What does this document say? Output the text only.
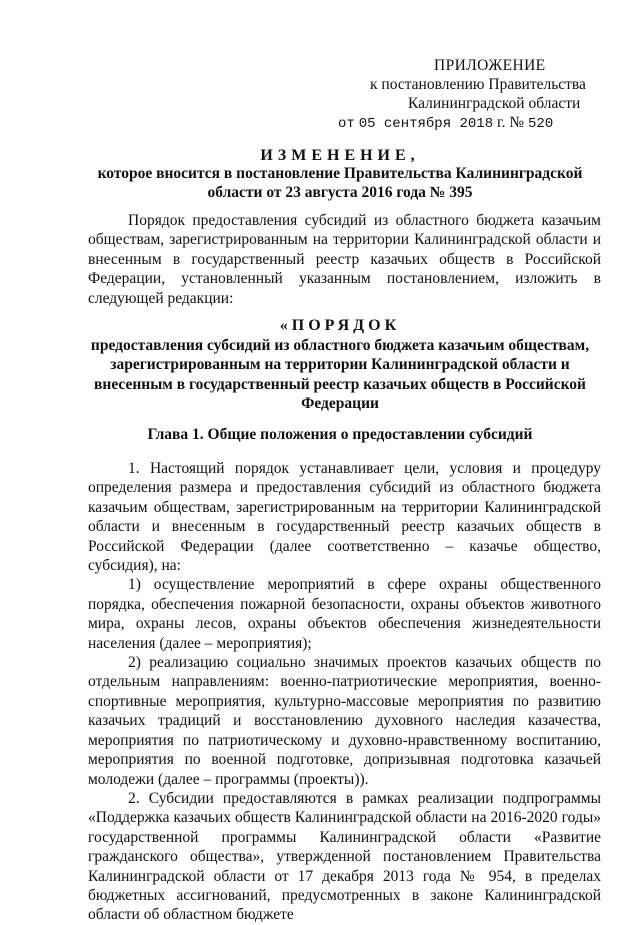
ПРИЛОЖЕНИЕ
к постановлению Правительства
Калининградской области
от 05 сентября 2018 г. № 520
ИЗМЕНЕНИЕ,
которое вносится в постановление Правительства Калининградской области от 23 августа 2016 года № 395

Порядок предоставления субсидий из областного бюджета казачьим обществам, зарегистрированным на территории Калининградской области и внесенным в государственный реестр казачьих обществ в Российской Федерации, установленный указанным постановлением, изложить в следующей редакции:

«ПОРЯДОК
предоставления субсидий из областного бюджета казачьим обществам, зарегистрированным на территории Калининградской области и внесенным в государственный реестр казачьих обществ в Российской Федерации
Глава 1. Общие положения о предоставлении субсидий

1. Настоящий порядок устанавливает цели, условия и процедуру определения размера и предоставления субсидий из областного бюджета казачьим обществам, зарегистрированным на территории Калининградской области и внесенным в государственный реестр казачьих обществ в Российской Федерации (далее соответственно – казачье общество, субсидия), на:

1) осуществление мероприятий в сфере охраны общественного порядка, обеспечения пожарной безопасности, охраны объектов животного мира, охраны лесов, охраны объектов обеспечения жизнедеятельности населения (далее – мероприятия);

2) реализацию социально значимых проектов казачьих обществ по отдельным направлениям: военно-патриотические мероприятия, военно-спортивные мероприятия, культурно-массовые мероприятия по развитию казачьих традиций и восстановлению духовного наследия казачества, мероприятия по патриотическому и духовно-нравственному воспитанию, мероприятия по военной подготовке, допризывная подготовка казачьей молодежи (далее – программы (проекты)).

2. Субсидии предоставляются в рамках реализации подпрограммы «Поддержка казачьих обществ Калининградской области на 2016-2020 годы» государственной программы Калининградской области «Развитие гражданского общества», утвержденной постановлением Правительства Калининградской области от 17 декабря 2013 года № 954, в пределах бюджетных ассигнований, предусмотренных в законе Калининградской области об областном бюджете
